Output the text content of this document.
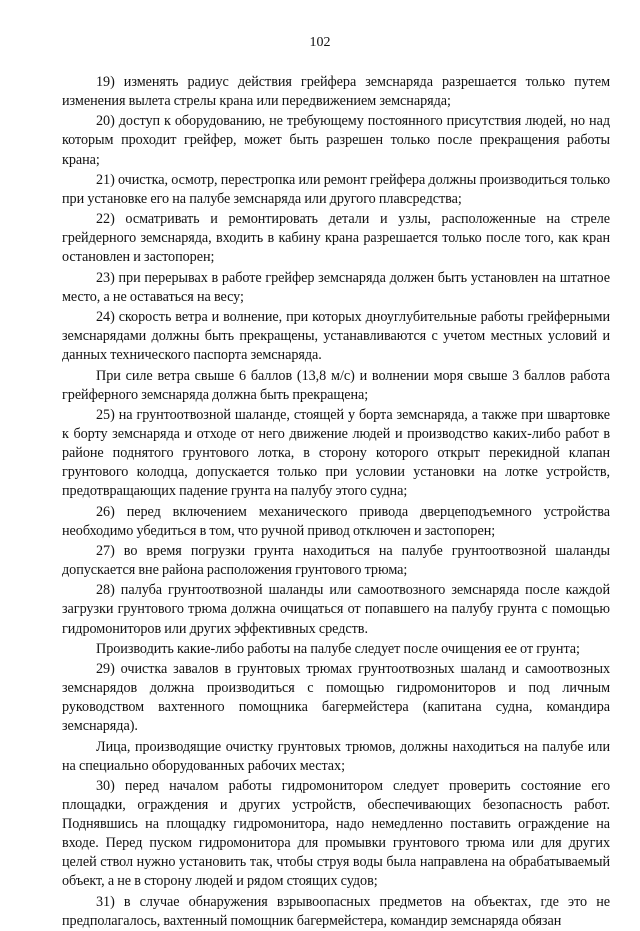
102

19) изменять радиус действия грейфера земснаряда разрешается только путем изменения вылета стрелы крана или передвижением земснаряда;

20) доступ к оборудованию, не требующему постоянного присутствия людей, но над которым проходит грейфер, может быть разрешен только после прекращения работы крана;

21) очистка, осмотр, перестропка или ремонт грейфера должны производиться только при установке его на палубе земснаряда или другого плавсредства;

22) осматривать и ремонтировать детали и узлы, расположенные на стреле грейдерного земснаряда, входить в кабину крана разрешается только после того, как кран остановлен и застопорен;

23) при перерывах в работе грейфер земснаряда должен быть установлен на штатное место, а не оставаться на весу;

24) скорость ветра и волнение, при которых дноуглубительные работы грейферными земснарядами должны быть прекращены, устанавливаются с учетом местных условий и данных технического паспорта земснаряда.

При силе ветра свыше 6 баллов (13,8 м/с) и волнении моря свыше 3 баллов работа грейферного земснаряда должна быть прекращена;

25) на грунтоотвозной шаланде, стоящей у борта земснаряда, а также при швартовке к борту земснаряда и отходе от него движение людей и производство каких-либо работ в районе поднятого грунтового лотка, в сторону которого открыт перекидной клапан грунтового колодца, допускается только при условии установки на лотке устройств, предотвращающих падение грунта на палубу этого судна;

26) перед включением механического привода дверцеподъемного устройства необходимо убедиться в том, что ручной привод отключен и застопорен;

27) во время погрузки грунта находиться на палубе грунтоотвозной шаланды допускается вне района расположения грунтового трюма;

28) палуба грунтоотвозной шаланды или самоотвозного земснаряда после каждой загрузки грунтового трюма должна очищаться от попавшего на палубу грунта с помощью гидромониторов или других эффективных средств.

Производить какие-либо работы на палубе следует после очищения ее от грунта;

29) очистка завалов в грунтовых трюмах грунтоотвозных шаланд и самоотвозных земснарядов должна производиться с помощью гидромониторов и под личным руководством вахтенного помощника багермейстера (капитана судна, командира земснаряда).

Лица, производящие очистку грунтовых трюмов, должны находиться на палубе или на специально оборудованных рабочих местах;

30) перед началом работы гидромонитором следует проверить состояние его площадки, ограждения и других устройств, обеспечивающих безопасность работ. Поднявшись на площадку гидромонитора, надо немедленно поставить ограждение на входе. Перед пуском гидромонитора для промывки грунтового трюма или для других целей ствол нужно установить так, чтобы струя воды была направлена на обрабатываемый объект, а не в сторону людей и рядом стоящих судов;

31) в случае обнаружения взрывоопасных предметов на объектах, где это не предполагалось, вахтенный помощник багермейстера, командир земснаряда обязан
